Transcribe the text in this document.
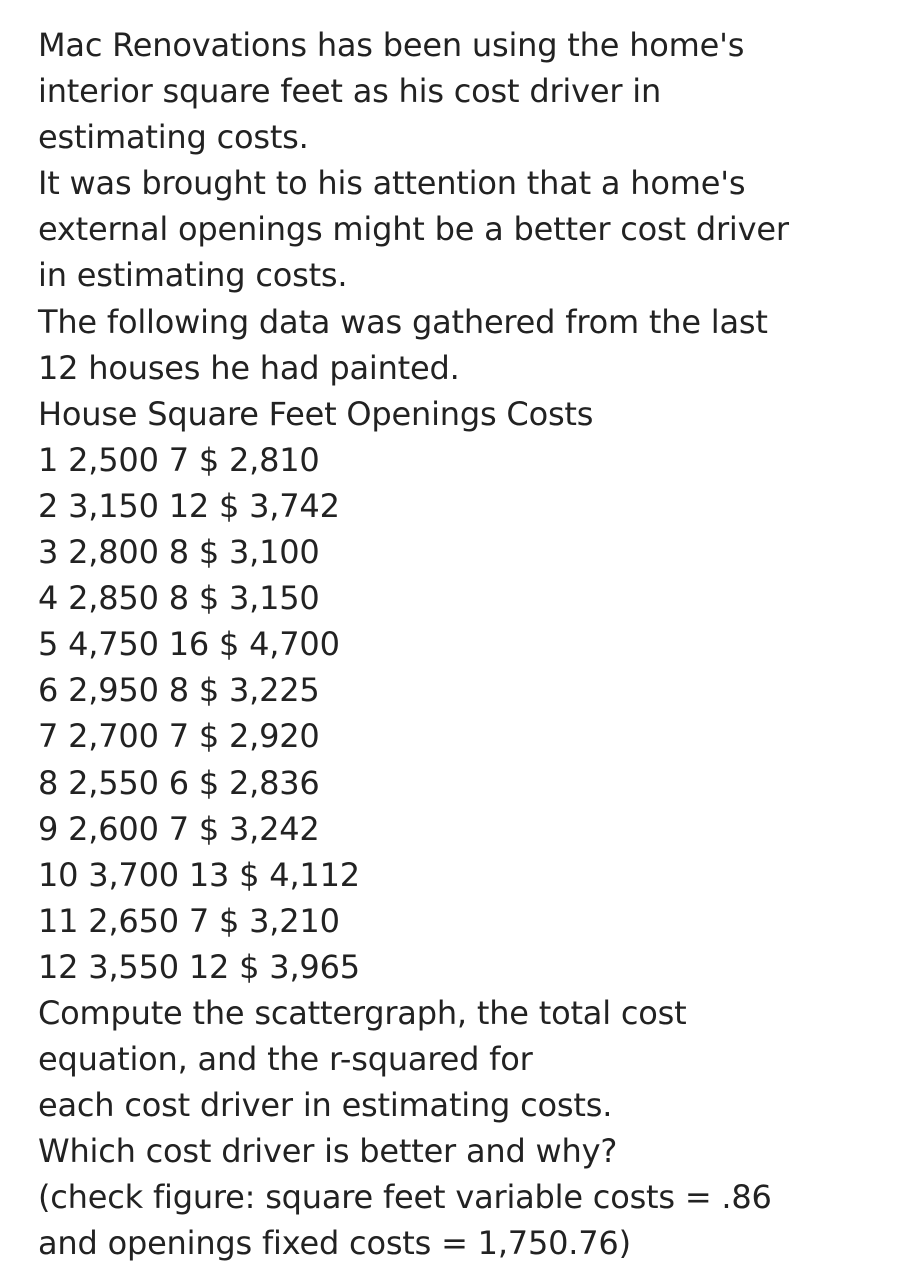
Mac Renovations has been using the home's
interior square feet as his cost driver in
estimating costs.
It was brought to his attention that a home's
external openings might be a better cost driver
in estimating costs.
The following data was gathered from the last
12 houses he had painted.
House Square Feet Openings Costs
1 2,500 7 $ 2,810
2 3,150 12 $ 3,742
3 2,800 8 $ 3,100
4 2,850 8 $ 3,150
5 4,750 16 $ 4,700
6 2,950 8 $ 3,225
7 2,700 7 $ 2,920
8 2,550 6 $ 2,836
9 2,600 7 $ 3,242
10 3,700 13 $ 4,112
11 2,650 7 $ 3,210
12 3,550 12 $ 3,965
Compute the scattergraph, the total cost
equation, and the r-squared for
each cost driver in estimating costs.
Which cost driver is better and why?
(check figure: square feet variable costs = .86
and openings fixed costs = 1,750.76)
